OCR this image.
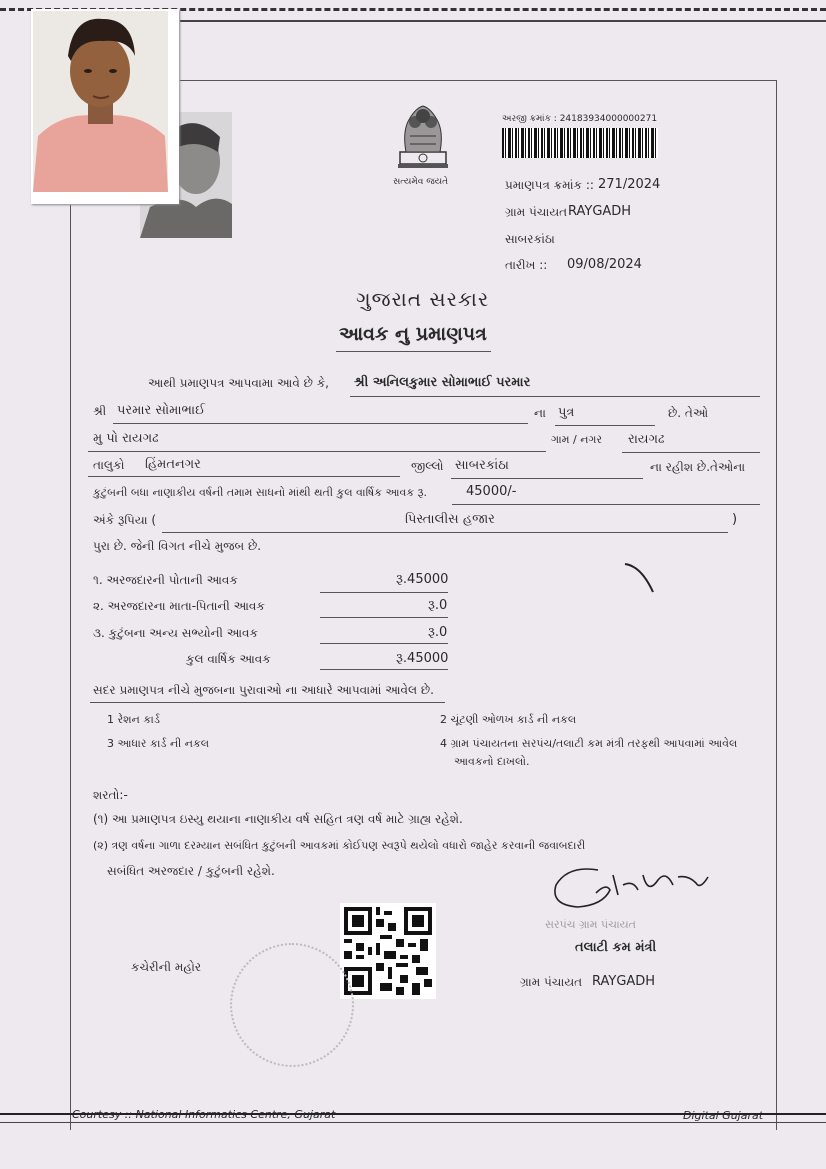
સત્યમેવ જયતે
અરજી ક્રમાંક : 24183934000000271
પ્રમાણપત્ર ક્રમાંક :: 271/2024
ગ્રામ પંચાયત RAYGADH
સાબરકાંઠા
તારીખ :: 09/08/2024
ગુજરાત સરકાર
આવક નુ પ્રમાણપત્ર
આથી પ્રમાણપત્ર આપવામા આવે છે કે, શ્રી અનિલકુમાર સોમાભાઈ પરમાર
શ્રી પરમાર સોમાભાઈ	ના પુત્ર	છે. તેઓ
મુ પો રાયગઢ	ગામ / નગર રાયગઢ
તાલુકો હિંમતનગર	જીલ્લો સાબરકાંઠા	ના રહીશ છે.તેઓના
કુટુંબની બધા નાણાકીય વર્ષની તમામ સાધનો માંથી થતી કુલ વાર્ષિક આવક રૂ.	45000/-
અંકે રૂપિયા (	પિસ્તાલીસ હજાર	)
પુરા છે. જેની વિગત નીચે મુજબ છે.
૧. અરજદારની પોતાની આવક	રૂ.45000
૨. અરજદારના માતા-પિતાની આવક	રૂ.0
૩. કુટુંબના અન્ય સભ્યોની આવક	રૂ.0
કુલ વાર્ષિક આવક	રૂ.45000
સદર પ્રમાણપત્ર નીચે મુજબના પુરાવાઓ ના આધારે આપવામાં આવેલ છે.
1 રેશન કાર્ડ	2 ચૂંટણી ઓળખ કાર્ડ ની નકલ
3 આધાર કાર્ડ ની નકલ	4 ગ્રામ પંચાયતના સરપંચ/તલાટી કમ મંત્રી તરફથી આપવામાં આવેલ
આવકનો દાખલો.
શરતો:-
(૧) આ પ્રમાણપત્ર ઇસ્યુ થયાના નાણાકીય વર્ષ સહિત ત્રણ વર્ષ માટે ગ્રાહ્ય રહેશે.
(૨) ત્રણ વર્ષના ગાળા દરમ્યાન સબંધિત કુટુંબની આવકમાં કોઈપણ સ્વરૂપે થયેલો વધારો જાહેર કરવાની જવાબદારી
સબંધિત અરજદાર / કુટુંબની રહેશે.
સરપંચ ગ્રામ પંચાયત
તલાટી કમ મંત્રી
ગ્રામ પંચાયત RAYGADH
કચેરીની મહોર
Courtesy :: National Informatics Centre, Gujarat	Digital Gujarat
